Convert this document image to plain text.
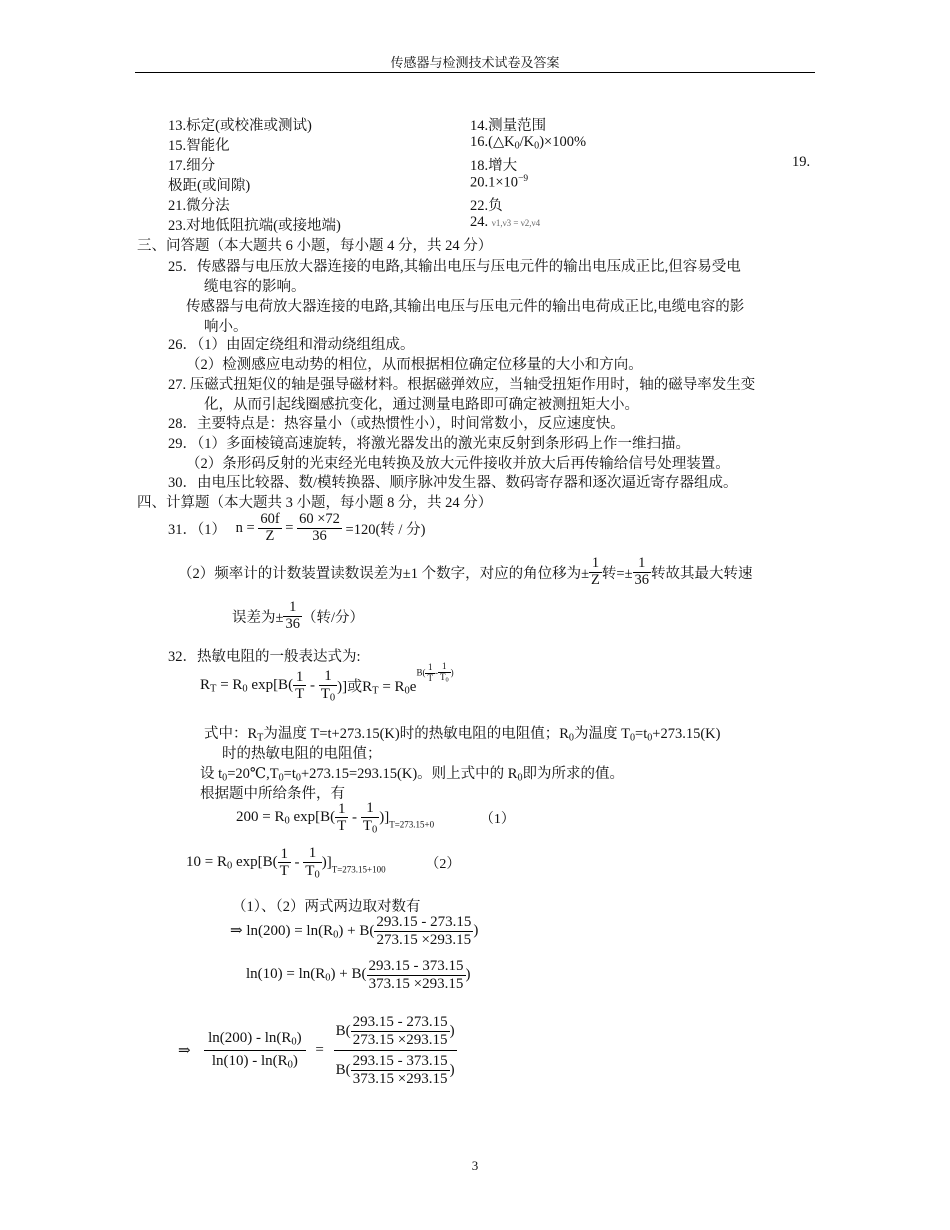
传感器与检测技术试卷及答案
13.标定(或校准或测试)	14.测量范围
15.智能化	$16.(\triangle K_0/K_0)\times 100\%$
17.细分	18.增大	19.
极距(或间隙)	$20.1\times 10^{-9}$
21.微分法	22.负
23.对地低阻抗端(或接地端)	24. ν1,ν3 = ν2,ν4
三、问答题（本大题共 6 小题，每小题 4 分，共 24 分）
25．传感器与电压放大器连接的电路,其输出电压与压电元件的输出电压成正比,但容易受电
缆电容的影响。
传感器与电荷放大器连接的电路,其输出电压与压电元件的输出电荷成正比,电缆电容的影
响小。
26．（1）由固定绕组和滑动绕组组成。
（2）检测感应电动势的相位，从而根据相位确定位移量的大小和方向。
27. 压磁式扭矩仪的轴是强导磁材料。根据磁弹效应，当轴受扭矩作用时，轴的磁导率发生变
化，从而引起线圈感抗变化，通过测量电路即可确定被测扭矩大小。
28．主要特点是：热容量小（或热惯性小），时间常数小，反应速度快。
29．（1）多面棱镜高速旋转，将激光器发出的激光束反射到条形码上作一维扫描。
（2）条形码反射的光束经光电转换及放大元件接收并放大后再传输给信号处理装置。
30．由电压比较器、数/模转换器、顺序脉冲发生器、数码寄存器和逐次逼近寄存器组成。
四、计算题（本大题共 3 小题，每小题 8 分，共 24 分）
31．（1） $n = \frac{60f}{Z} = \frac{60 \times 72}{36} =120$(转 / 分)
（2）频率计的计数装置读数误差为±1 个数字，对应的角位移为± $\frac{1}{Z}$ 转=± $\frac{1}{36}$ 转故其最大转速
误差为± $\frac{1}{36}$ （转/分）
32．热敏电阻的一般表达式为:
$R_T = R_0$ $\exp[B( \frac{1}{T} - \frac{1}{T_0}$ )]或$R_T = R_0eB( \frac{1}{T} - \frac{1}{T_0}$ )
式中：$R_T$为温度 T=t+273.15(K)时的热敏电阻的电阻值；$R_0$为温度 $T_0=t_0+273.15(K)$
时的热敏电阻的电阻值；
设 $t_0=20℃,T_0=t_0+273.15=293.15(K)$。则上式中的 $R_0$即为所求的值。
根据题中所给条件，有
$200 = R_0$ $\exp[B( \frac{1}{T} - \frac{1}{T_0} )]_{T=273.15+0}$	（1）
$10 = R_0$ $\exp[B( \frac{1}{T} - \frac{1}{T_0} )]_{T=273.15+100}$	（2）
（1）、（2）两式两边取对数有
⇒ $\ln(200) = \ln(R_0) + B( \frac{293.15 - 273.15}{273.15 \times 293.15}$ )
$\ln(10) = \ln(R_0) + B( \frac{293.15 - 373.15}{373.15 \times 293.15}$ )
⇒ $\frac{\ln(200) - \ln(R_0)}{\ln(10) - \ln(R_0)} = \frac{B( \frac{293.15 - 273.15}{273.15 \times 293.15} )}{B( \frac{293.15 - 373.15}{373.15 \times 293.15} )}$
3
